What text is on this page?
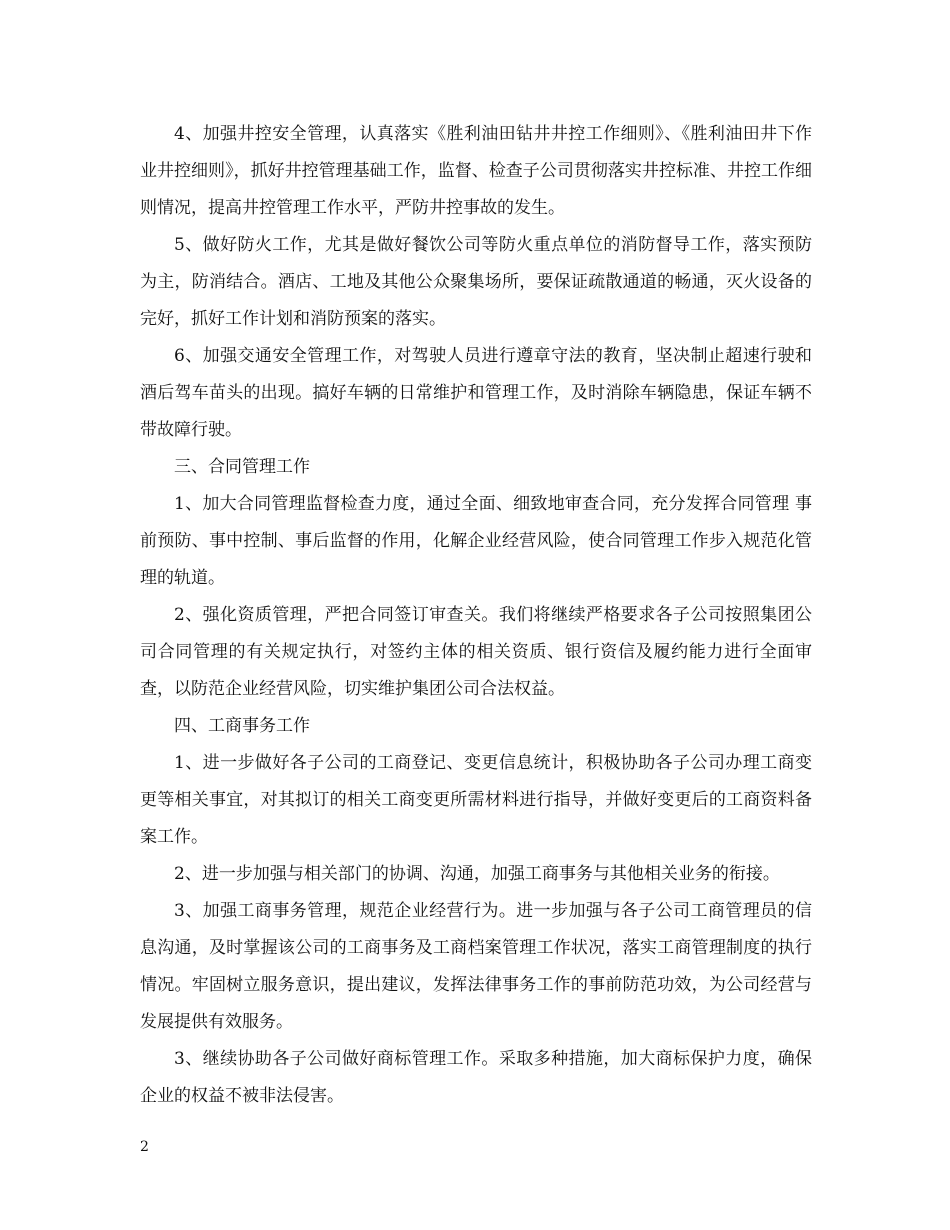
4、加强井控安全管理，认真落实《胜利油田钻井井控工作细则》、《胜利油田井下作业井控细则》，抓好井控管理基础工作，监督、检查子公司贯彻落实井控标准、井控工作细则情况，提高井控管理工作水平，严防井控事故的发生。

5、做好防火工作，尤其是做好餐饮公司等防火重点单位的消防督导工作，落实预防为主，防消结合。酒店、工地及其他公众聚集场所，要保证疏散通道的畅通，灭火设备的完好，抓好工作计划和消防预案的落实。

6、加强交通安全管理工作，对驾驶人员进行遵章守法的教育，坚决制止超速行驶和酒后驾车苗头的出现。搞好车辆的日常维护和管理工作，及时消除车辆隐患，保证车辆不带故障行驶。

三、合同管理工作

1、加大合同管理监督检查力度，通过全面、细致地审查合同，充分发挥合同管理 事前预防、事中控制、事后监督的作用，化解企业经营风险，使合同管理工作步入规范化管理的轨道。

2、强化资质管理，严把合同签订审查关。我们将继续严格要求各子公司按照集团公司合同管理的有关规定执行，对签约主体的相关资质、银行资信及履约能力进行全面审查，以防范企业经营风险，切实维护集团公司合法权益。

四、工商事务工作

1、进一步做好各子公司的工商登记、变更信息统计，积极协助各子公司办理工商变更等相关事宜，对其拟订的相关工商变更所需材料进行指导，并做好变更后的工商资料备案工作。

2、进一步加强与相关部门的协调、沟通，加强工商事务与其他相关业务的衔接。

3、加强工商事务管理，规范企业经营行为。进一步加强与各子公司工商管理员的信息沟通，及时掌握该公司的工商事务及工商档案管理工作状况，落实工商管理制度的执行情况。牢固树立服务意识，提出建议，发挥法律事务工作的事前防范功效，为公司经营与发展提供有效服务。

3、继续协助各子公司做好商标管理工作。采取多种措施，加大商标保护力度，确保企业的权益不被非法侵害。

2
